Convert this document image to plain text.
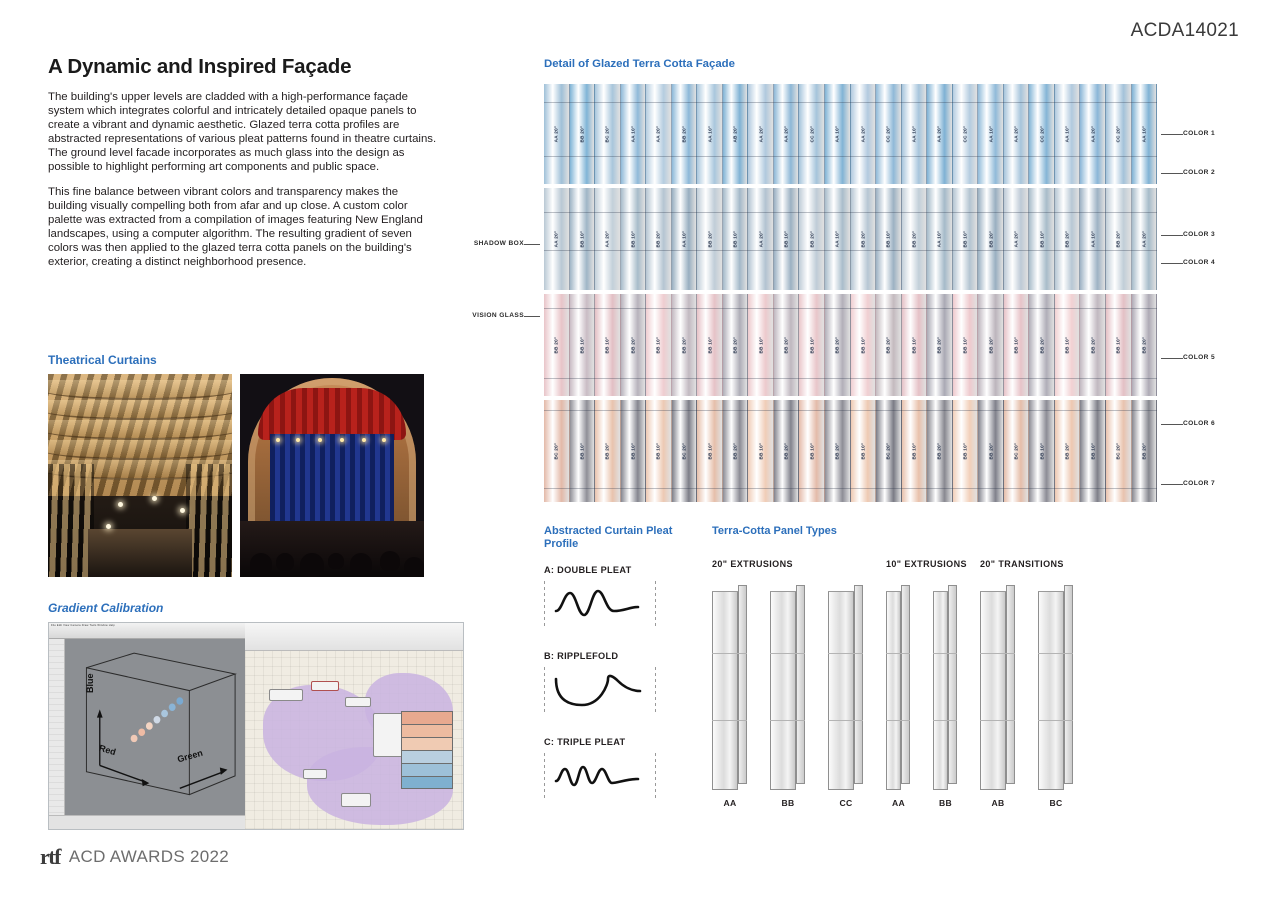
ACDA14021
A Dynamic and Inspired Façade

The building's upper levels are cladded with a high-performance façade system which integrates colorful and intricately detailed opaque panels to create a vibrant and dynamic aesthetic. Glazed terra cotta profiles are abstracted representations of various pleat patterns found in theatre curtains. The ground level facade incorporates as much glass into the design as possible to highlight performing art components and public space.

This fine balance between vibrant colors and transparency makes the building visually compelling both from afar and up close. A custom color palette was extracted from a compilation of images featuring New England landscapes, using a computer algorithm. The resulting gradient of seven colors was then applied to the glazed terra cotta panels on the building's exterior, creating a distinct neighborhood presence.

Theatrical Curtains
Gradient Calibration
File Edit View Camera Draw Tools Window Help
Blue
Red	Green
rtf ACD AWARDS 2022
Detail of Glazed Terra Cotta Façade
AA 20"	BB 20"	BC 20"	AA 10"	AA 20"	BB 20"	AA 10"	AB 20"	AA 20"	AA 20"	CC 20"	AA 10"	AA 20"	CC 20"	AA 10"	AA 20"	CC 20"	AA 10"	AA 20"	CC 20"	AA 10"	AA 20"	CC 20"	AA 10"
AA 20"	BB 10"	AA 20"	BB 10"	BB 20"	AA 10"	BB 20"	BB 10"	AA 20"	BB 10"	BB 20"	AA 10"	BB 20"	BB 10"	BB 20"	AA 10"	BB 10"	BB 20"	AA 20"	BB 10"	BB 20"	AA 10"	BB 20"	AA 20"
BB 20"	BB 10"	BB 10"	BB 20"	BB 10"	BB 20"	BB 10"	BB 20"	BB 10"	BB 20"	BB 10"	BB 20"	BB 10"	BB 20"	BB 10"	BB 20"	BB 10"	BB 20"	BB 10"	BB 20"	BB 10"	BB 20"	BB 10"	BB 20"
BC 20"	BB 10"	BB 20"	BB 10"	BB 10"	BC 20"	BB 10"	BB 20"	BB 10"	BB 20"	BB 10"	BB 20"	BB 10"	BC 20"	BB 10"	BB 20"	BB 10"	BB 20"	BC 20"	BB 10"	BB 20"	BB 10"	BC 20"	BB 20"
COLOR 1
COLOR 2
COLOR 3
COLOR 4
COLOR 5
COLOR 6
COLOR 7
SHADOW BOX
VISION GLASS
Abstracted Curtain Pleat Profile
A: DOUBLE PLEAT
B: RIPPLEFOLD
C: TRIPLE PLEAT
Terra-Cotta Panel Types
20" EXTRUSIONS
AA	BB	CC
10" EXTRUSIONS
AA	BB
20" TRANSITIONS
AB	BC
